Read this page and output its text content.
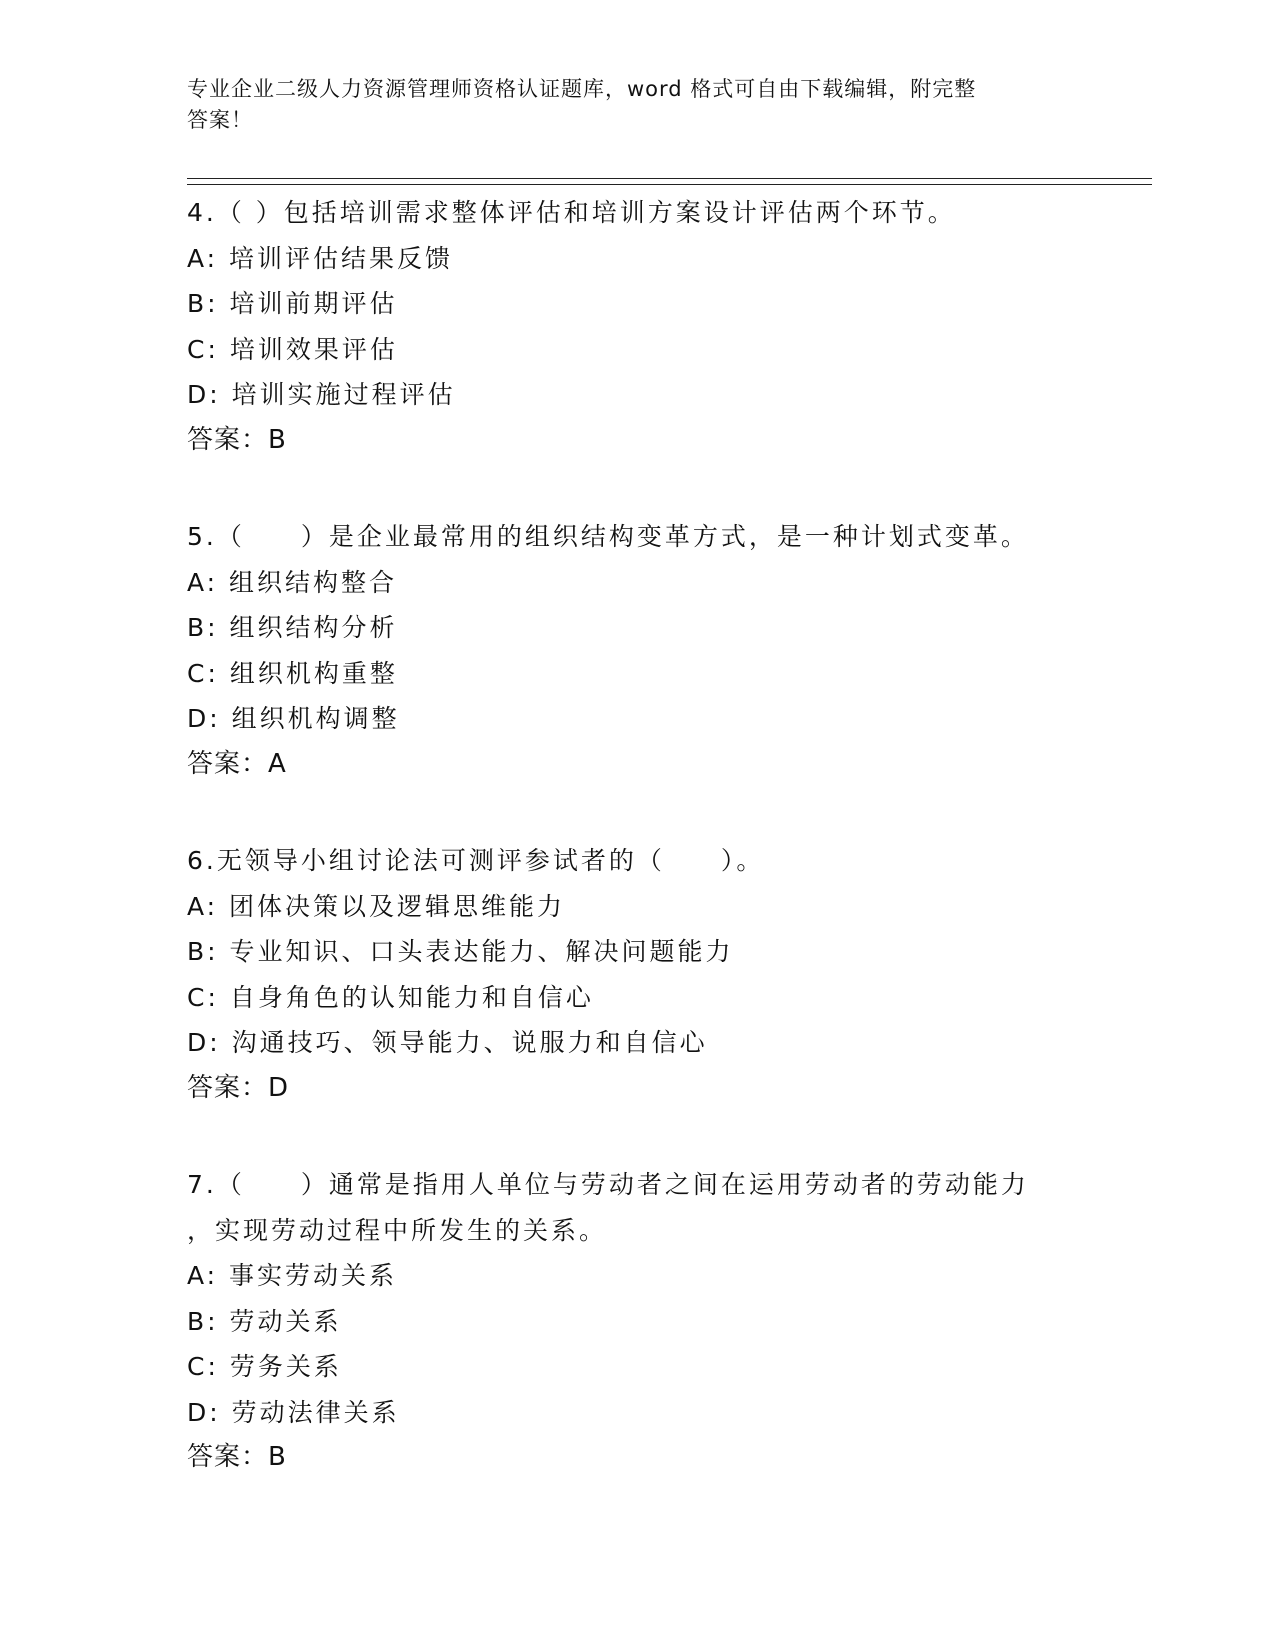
专业企业二级人力资源管理师资格认证题库，word 格式可自由下载编辑，附完整
答案！
4.（ ）包括培训需求整体评估和培训方案设计评估两个环节。
A: 培训评估结果反馈
B: 培训前期评估
C: 培训效果评估
D: 培训实施过程评估
答案：B
5.（　　）是企业最常用的组织结构变革方式，是一种计划式变革。
A: 组织结构整合
B: 组织结构分析
C: 组织机构重整
D: 组织机构调整
答案：A
6.无领导小组讨论法可测评参试者的（　　）。
A: 团体决策以及逻辑思维能力
B: 专业知识、口头表达能力、解决问题能力
C: 自身角色的认知能力和自信心
D: 沟通技巧、领导能力、说服力和自信心
答案：D
7.（　　）通常是指用人单位与劳动者之间在运用劳动者的劳动能力
，实现劳动过程中所发生的关系。
A: 事实劳动关系
B: 劳动关系
C: 劳务关系
D: 劳动法律关系
答案：B
